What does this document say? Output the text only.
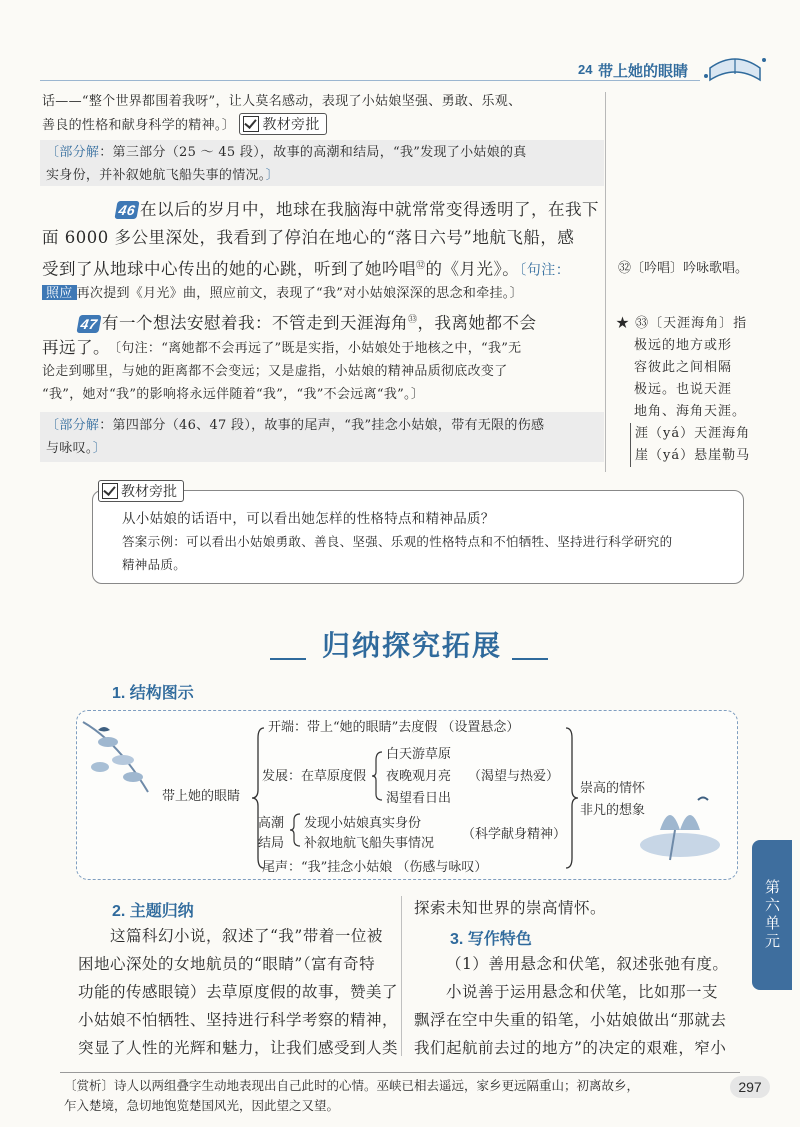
24 带上她的眼睛
话——“整个世界都围着我呀”，让人莫名感动，表现了小姑娘坚强、勇敢、乐观、
善良的性格和献身科学的精神。〕 教材旁批
〔部分解：第三部分（25 ～ 45 段），故事的高潮和结局，“我”发现了小姑娘的真
实身份，并补叙她航飞船失事的情况。〕
46 在以后的岁月中，地球在我脑海中就常常变得透明了，在我下
面 6000 多公里深处，我看到了停泊在地心的“落日六号”地航飞船，感
受到了从地球中心传出的她的心跳，听到了她吟唱$^㉜$的《月光》。〔句注：
照应 再次提到《月光》曲，照应前文，表现了“我”对小姑娘深深的思念和牵挂。〕
47 有一个想法安慰着我：不管走到天涯海角$^㉝$，我离她都不会
再远了。
〔句注：“离她都不会再远了”既是实指，小姑娘处于地核之中，“我”无
论走到哪里，与她的距离都不会变远；又是虚指，小姑娘的精神品质彻底改变了
“我”，她对“我”的影响将永远伴随着“我”，“我”不会远离“我”。〕
〔部分解：第四部分（46、47 段），故事的尾声，“我”挂念小姑娘，带有无限的伤感
与咏叹。〕
㉜〔吟唱〕吟咏歌唱。
★ ㉝〔天涯海角〕指
极远的地方或形
容彼此之间相隔
极远。也说天涯
地角、海角天涯。
涯（yá）天涯海角
崖（yá）悬崖勒马
教材旁批
从小姑娘的话语中，可以看出她怎样的性格特点和精神品质？
答案示例：可以看出小姑娘勇敢、善良、坚强、乐观的性格特点和不怕牺牲、坚持进行科学研究的
精神品质。
归纳探究拓展
1. 结构图示
带上她的眼睛
开端：带上“她的眼睛”去度假 （设置悬念）
发展：在草原度假
白天游草原
夜晚观月亮
渴望看日出
（渴望与热爱）
高潮
结局
发现小姑娘真实身份
补叙地航飞船失事情况
（科学献身精神）
尾声：“我”挂念小姑娘 （伤感与咏叹）
崇高的情怀
非凡的想象
2. 主题归纳
这篇科幻小说，叙述了“我”带着一位被
困地心深处的女地航员的“眼睛”（富有奇特
功能的传感眼镜）去草原度假的故事，赞美了
小姑娘不怕牺牲、坚持进行科学考察的精神，
突显了人性的光辉和魅力，让我们感受到人类
探索未知世界的崇高情怀。
3. 写作特色
（1）善用悬念和伏笔，叙述张弛有度。
小说善于运用悬念和伏笔，比如那一支
飘浮在空中失重的铅笔，小姑娘做出“那就去
我们起航前去过的地方”的决定的艰难，窄小
第六单元
〔赏析〕诗人以两组叠字生动地表现出自己此时的心情。巫峡已相去遥远，家乡更远隔重山；初离故乡，
乍入楚境，急切地饱览楚国风光，因此望之又望。
297
